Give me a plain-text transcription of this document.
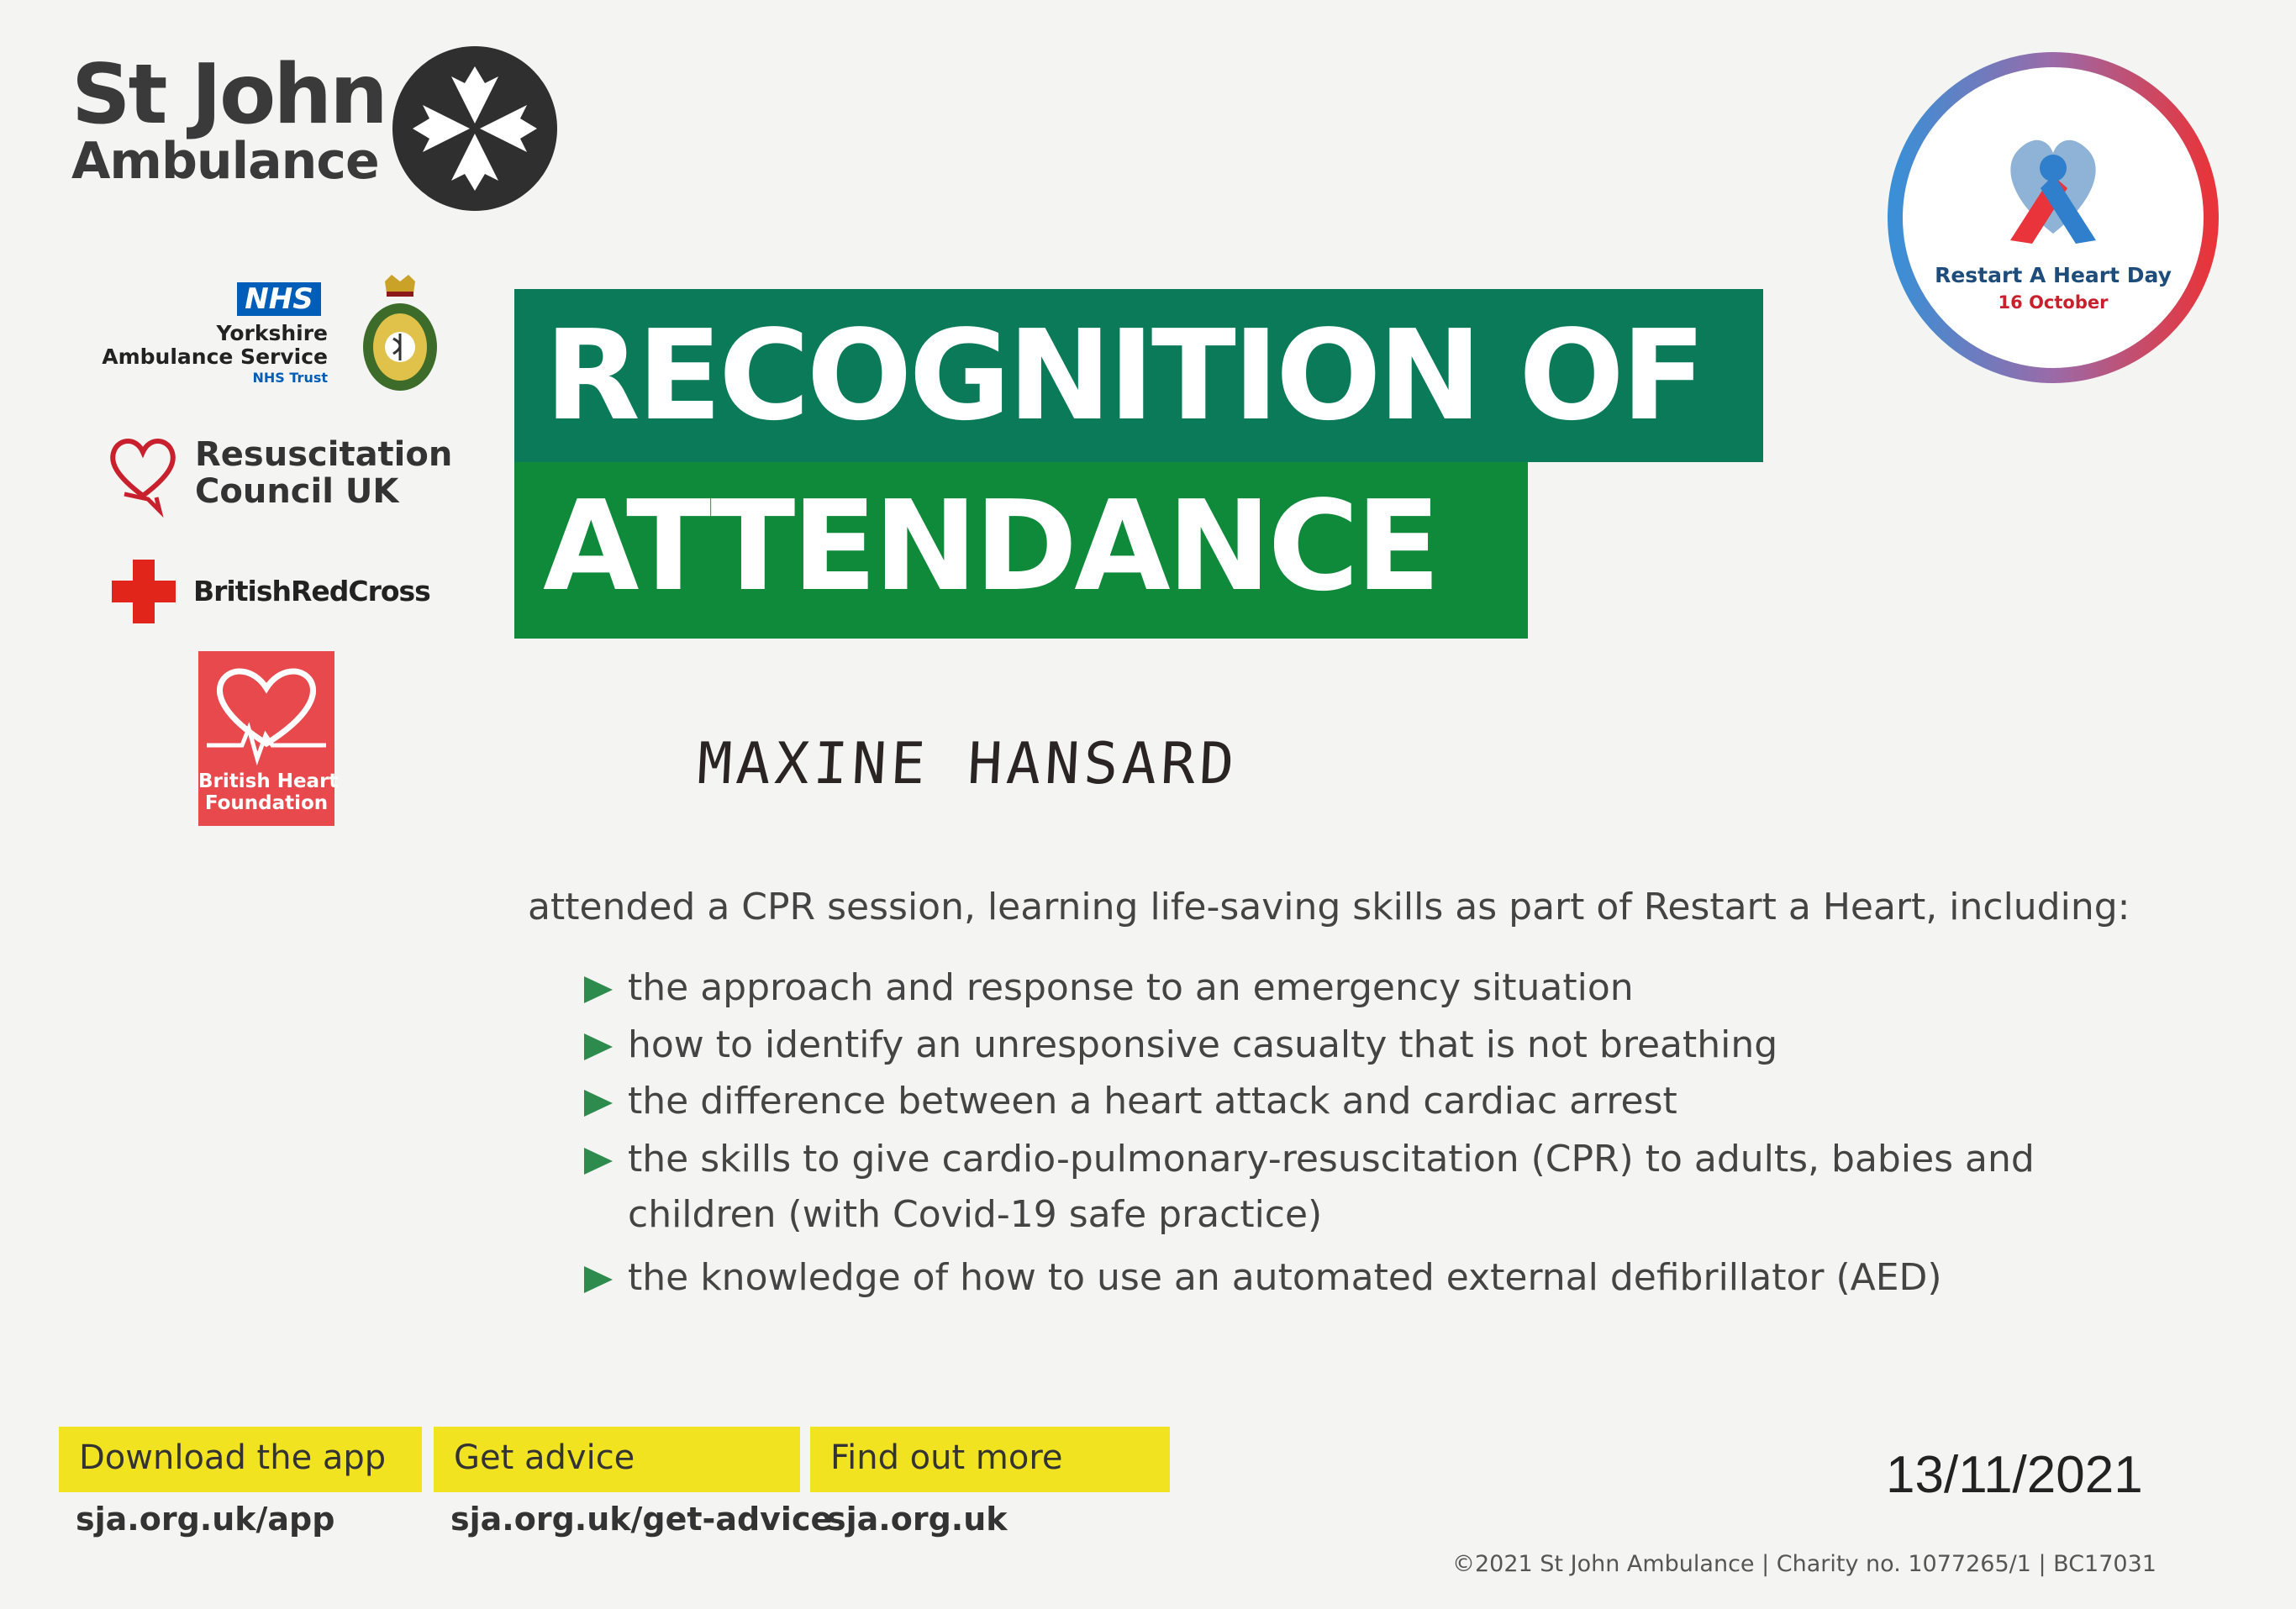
St John
Ambulance
NHS
Yorkshire
Ambulance Service
NHS Trust
Resuscitation
Council UK
BritishRedCross
British Heart
Foundation
Restart A Heart Day
16 October
RECOGNITION OF
ATTENDANCE
MAXINE HANSARD
attended a CPR session, learning life-saving skills as part of Restart a Heart, including:
the approach and response to an emergency situation
how to identify an unresponsive casualty that is not breathing
the difference between a heart attack and cardiac arrest
the skills to give cardio-pulmonary-resuscitation (CPR) to adults, babies and
children (with Covid-19 safe practice)
the knowledge of how to use an automated external defibrillator (AED)
Download the app Get advice	Find out more
sja.org.uk/app	sja.org.uk/get-advice
sja.org.uk
13/11/2021
©2021 St John Ambulance | Charity no. 1077265/1 | BC17031
